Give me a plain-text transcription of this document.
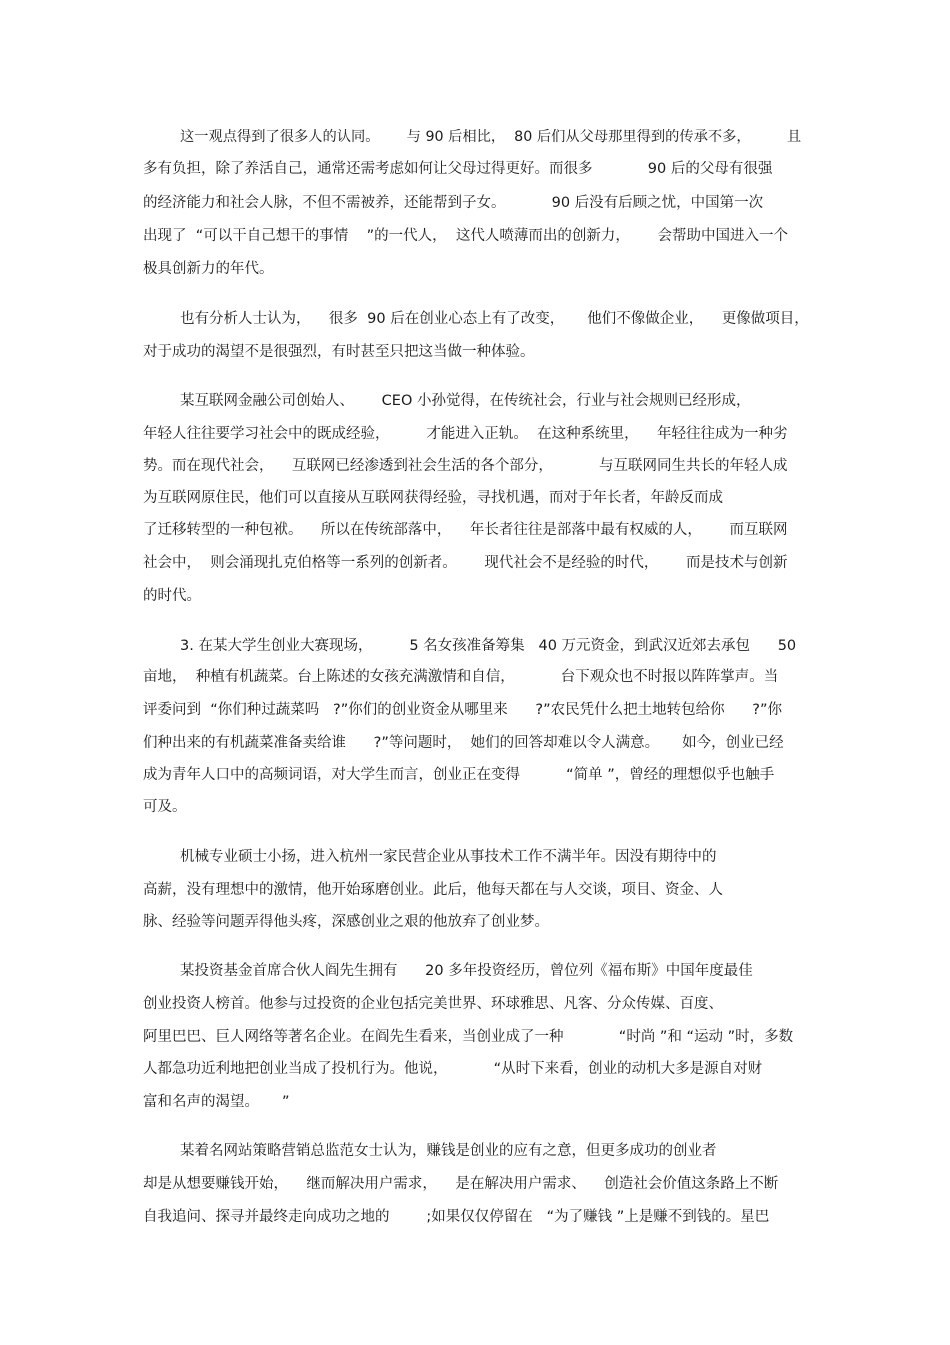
这一观点得到了很多人的认同。      与 90 后相比，  80 后们从父母那里得到的传承不多，        且
多有负担，除了养活自己，通常还需考虑如何让父母过得更好。而很多            90 后的父母有很强
的经济能力和社会人脉，不但不需被养，还能帮到子女。          90 后没有后顾之忧，中国第一次
出现了  “可以干自己想干的事情    ”的一代人，  这代人喷薄而出的创新力，      会帮助中国进入一个
极具创新力的年代。
也有分析人士认为，    很多  90 后在创业心态上有了改变，     他们不像做企业，    更像做项目，
对于成功的渴望不是很强烈，有时甚至只把这当做一种体验。
某互联网金融公司创始人、      CEO 小孙觉得，在传统社会，行业与社会规则已经形成，
年轻人往往要学习社会中的既成经验，        才能进入正轨。  在这种系统里，    年轻往往成为一种劣
势。而在现代社会，    互联网已经渗透到社会生活的各个部分，          与互联网同生共长的年轻人成
为互联网原住民，他们可以直接从互联网获得经验，寻找机遇，而对于年长者，年龄反而成
了迁移转型的一种包袱。    所以在传统部落中，    年长者往往是部落中最有权威的人，      而互联网
社会中，  则会涌现扎克伯格等一系列的创新者。      现代社会不是经验的时代，      而是技术与创新
的时代。
3. 在某大学生创业大赛现场，        5 名女孩准备筹集   40 万元资金，到武汉近郊去承包      50
亩地，  种植有机蔬菜。台上陈述的女孩充满激情和自信，          台下观众也不时报以阵阵掌声。当
评委问到  “你们种过蔬菜吗   ?”你们的创业资金从哪里来      ?”农民凭什么把土地转包给你      ?”你
们种出来的有机蔬菜准备卖给谁      ?”等问题时，  她们的回答却难以令人满意。     如今，创业已经
成为青年人口中的高频词语，对大学生而言，创业正在变得          “简单 ”，曾经的理想似乎也触手
可及。
机械专业硕士小扬，进入杭州一家民营企业从事技术工作不满半年。因没有期待中的
高薪，没有理想中的激情，他开始琢磨创业。此后，他每天都在与人交谈，项目、资金、人
脉、经验等问题弄得他头疼，深感创业之艰的他放弃了创业梦。
某投资基金首席合伙人阎先生拥有      20 多年投资经历，曾位列《福布斯》中国年度最佳
创业投资人榜首。他参与过投资的企业包括完美世界、环球雅思、凡客、分众传媒、百度、
阿里巴巴、巨人网络等著名企业。在阎先生看来，当创业成了一种            “时尚 ”和 “运动 ”时，多数
人都急功近利地把创业当成了投机行为。他说，          “从时下来看，创业的动机大多是源自对财
富和名声的渴望。     ”
某着名网站策略营销总监范女士认为，赚钱是创业的应有之意，但更多成功的创业者
却是从想要赚钱开始，    继而解决用户需求，    是在解决用户需求、    创造社会价值这条路上不断
自我追问、探寻并最终走向成功之地的        ;如果仅仅停留在   “为了赚钱 ”上是赚不到钱的。星巴
